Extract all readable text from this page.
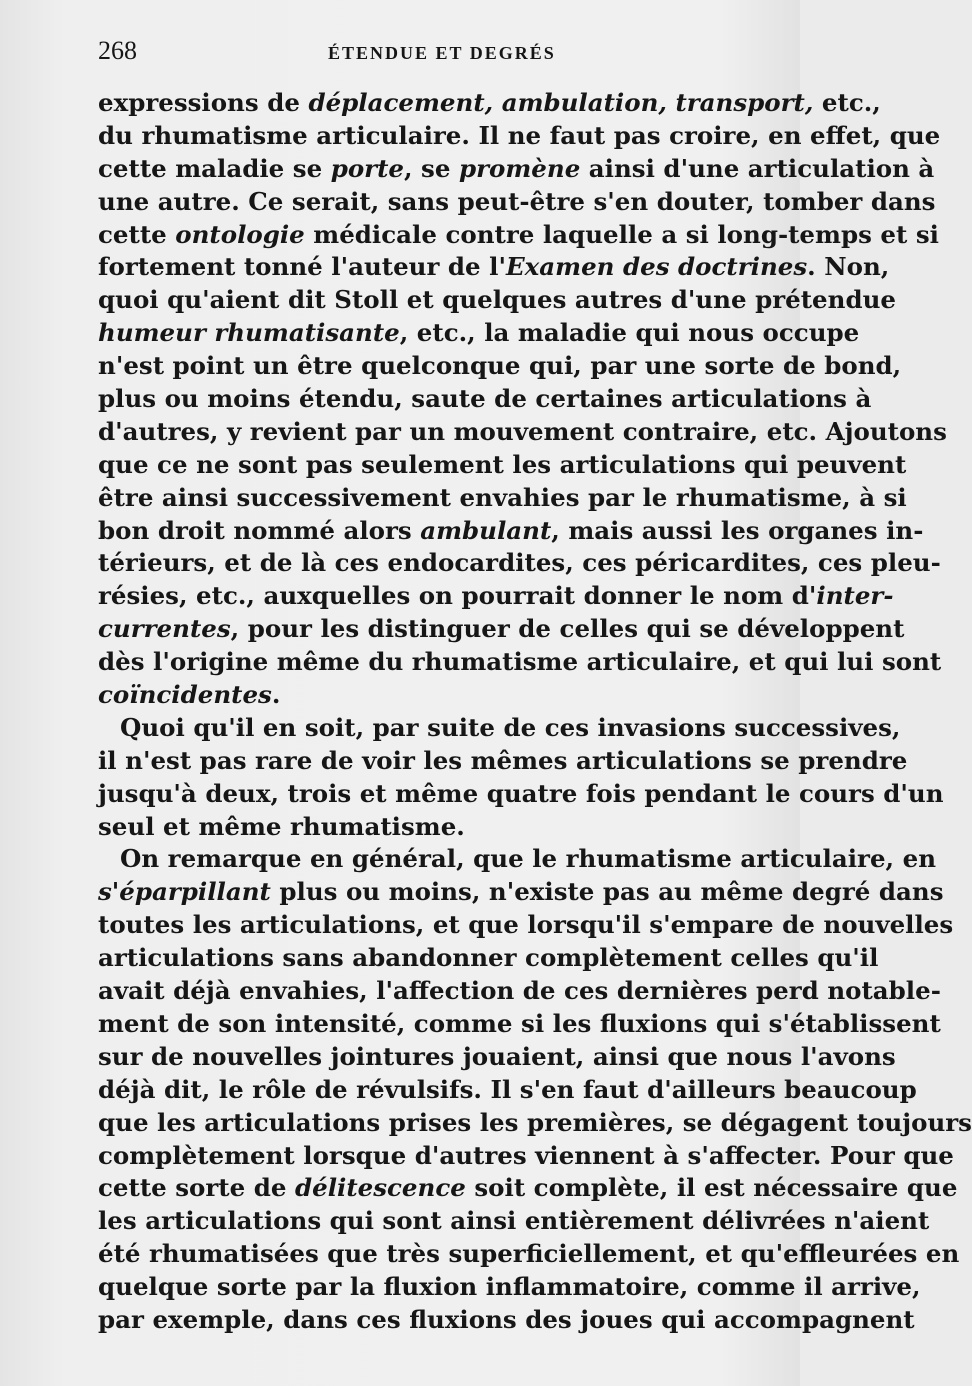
268	ÉTENDUE ET DEGRÉS
expressions de déplacement, ambulation, transport, etc.,
du rhumatisme articulaire. Il ne faut pas croire, en effet, que
cette maladie se porte, se promène ainsi d'une articulation à
une autre. Ce serait, sans peut-être s'en douter, tomber dans
cette ontologie médicale contre laquelle a si long-temps et si
fortement tonné l'auteur de l'Examen des doctrines. Non,
quoi qu'aient dit Stoll et quelques autres d'une prétendue
humeur rhumatisante, etc., la maladie qui nous occupe
n'est point un être quelconque qui, par une sorte de bond,
plus ou moins étendu, saute de certaines articulations à
d'autres, y revient par un mouvement contraire, etc. Ajoutons
que ce ne sont pas seulement les articulations qui peuvent
être ainsi successivement envahies par le rhumatisme, à si
bon droit nommé alors ambulant, mais aussi les organes in-
térieurs, et de là ces endocardites, ces péricardites, ces pleu-
résies, etc., auxquelles on pourrait donner le nom d'inter-
currentes, pour les distinguer de celles qui se développent
dès l'origine même du rhumatisme articulaire, et qui lui sont
coïncidentes.
Quoi qu'il en soit, par suite de ces invasions successives,
il n'est pas rare de voir les mêmes articulations se prendre
jusqu'à deux, trois et même quatre fois pendant le cours d'un
seul et même rhumatisme.
On remarque en général, que le rhumatisme articulaire, en
s'éparpillant plus ou moins, n'existe pas au même degré dans
toutes les articulations, et que lorsqu'il s'empare de nouvelles
articulations sans abandonner complètement celles qu'il
avait déjà envahies, l'affection de ces dernières perd notable-
ment de son intensité, comme si les fluxions qui s'établissent
sur de nouvelles jointures jouaient, ainsi que nous l'avons
déjà dit, le rôle de révulsifs. Il s'en faut d'ailleurs beaucoup
que les articulations prises les premières, se dégagent toujours
complètement lorsque d'autres viennent à s'affecter. Pour que
cette sorte de délitescence soit complète, il est nécessaire que
les articulations qui sont ainsi entièrement délivrées n'aient
été rhumatisées que très superficiellement, et qu'effleurées en
quelque sorte par la fluxion inflammatoire, comme il arrive,
par exemple, dans ces fluxions des joues qui accompagnent
